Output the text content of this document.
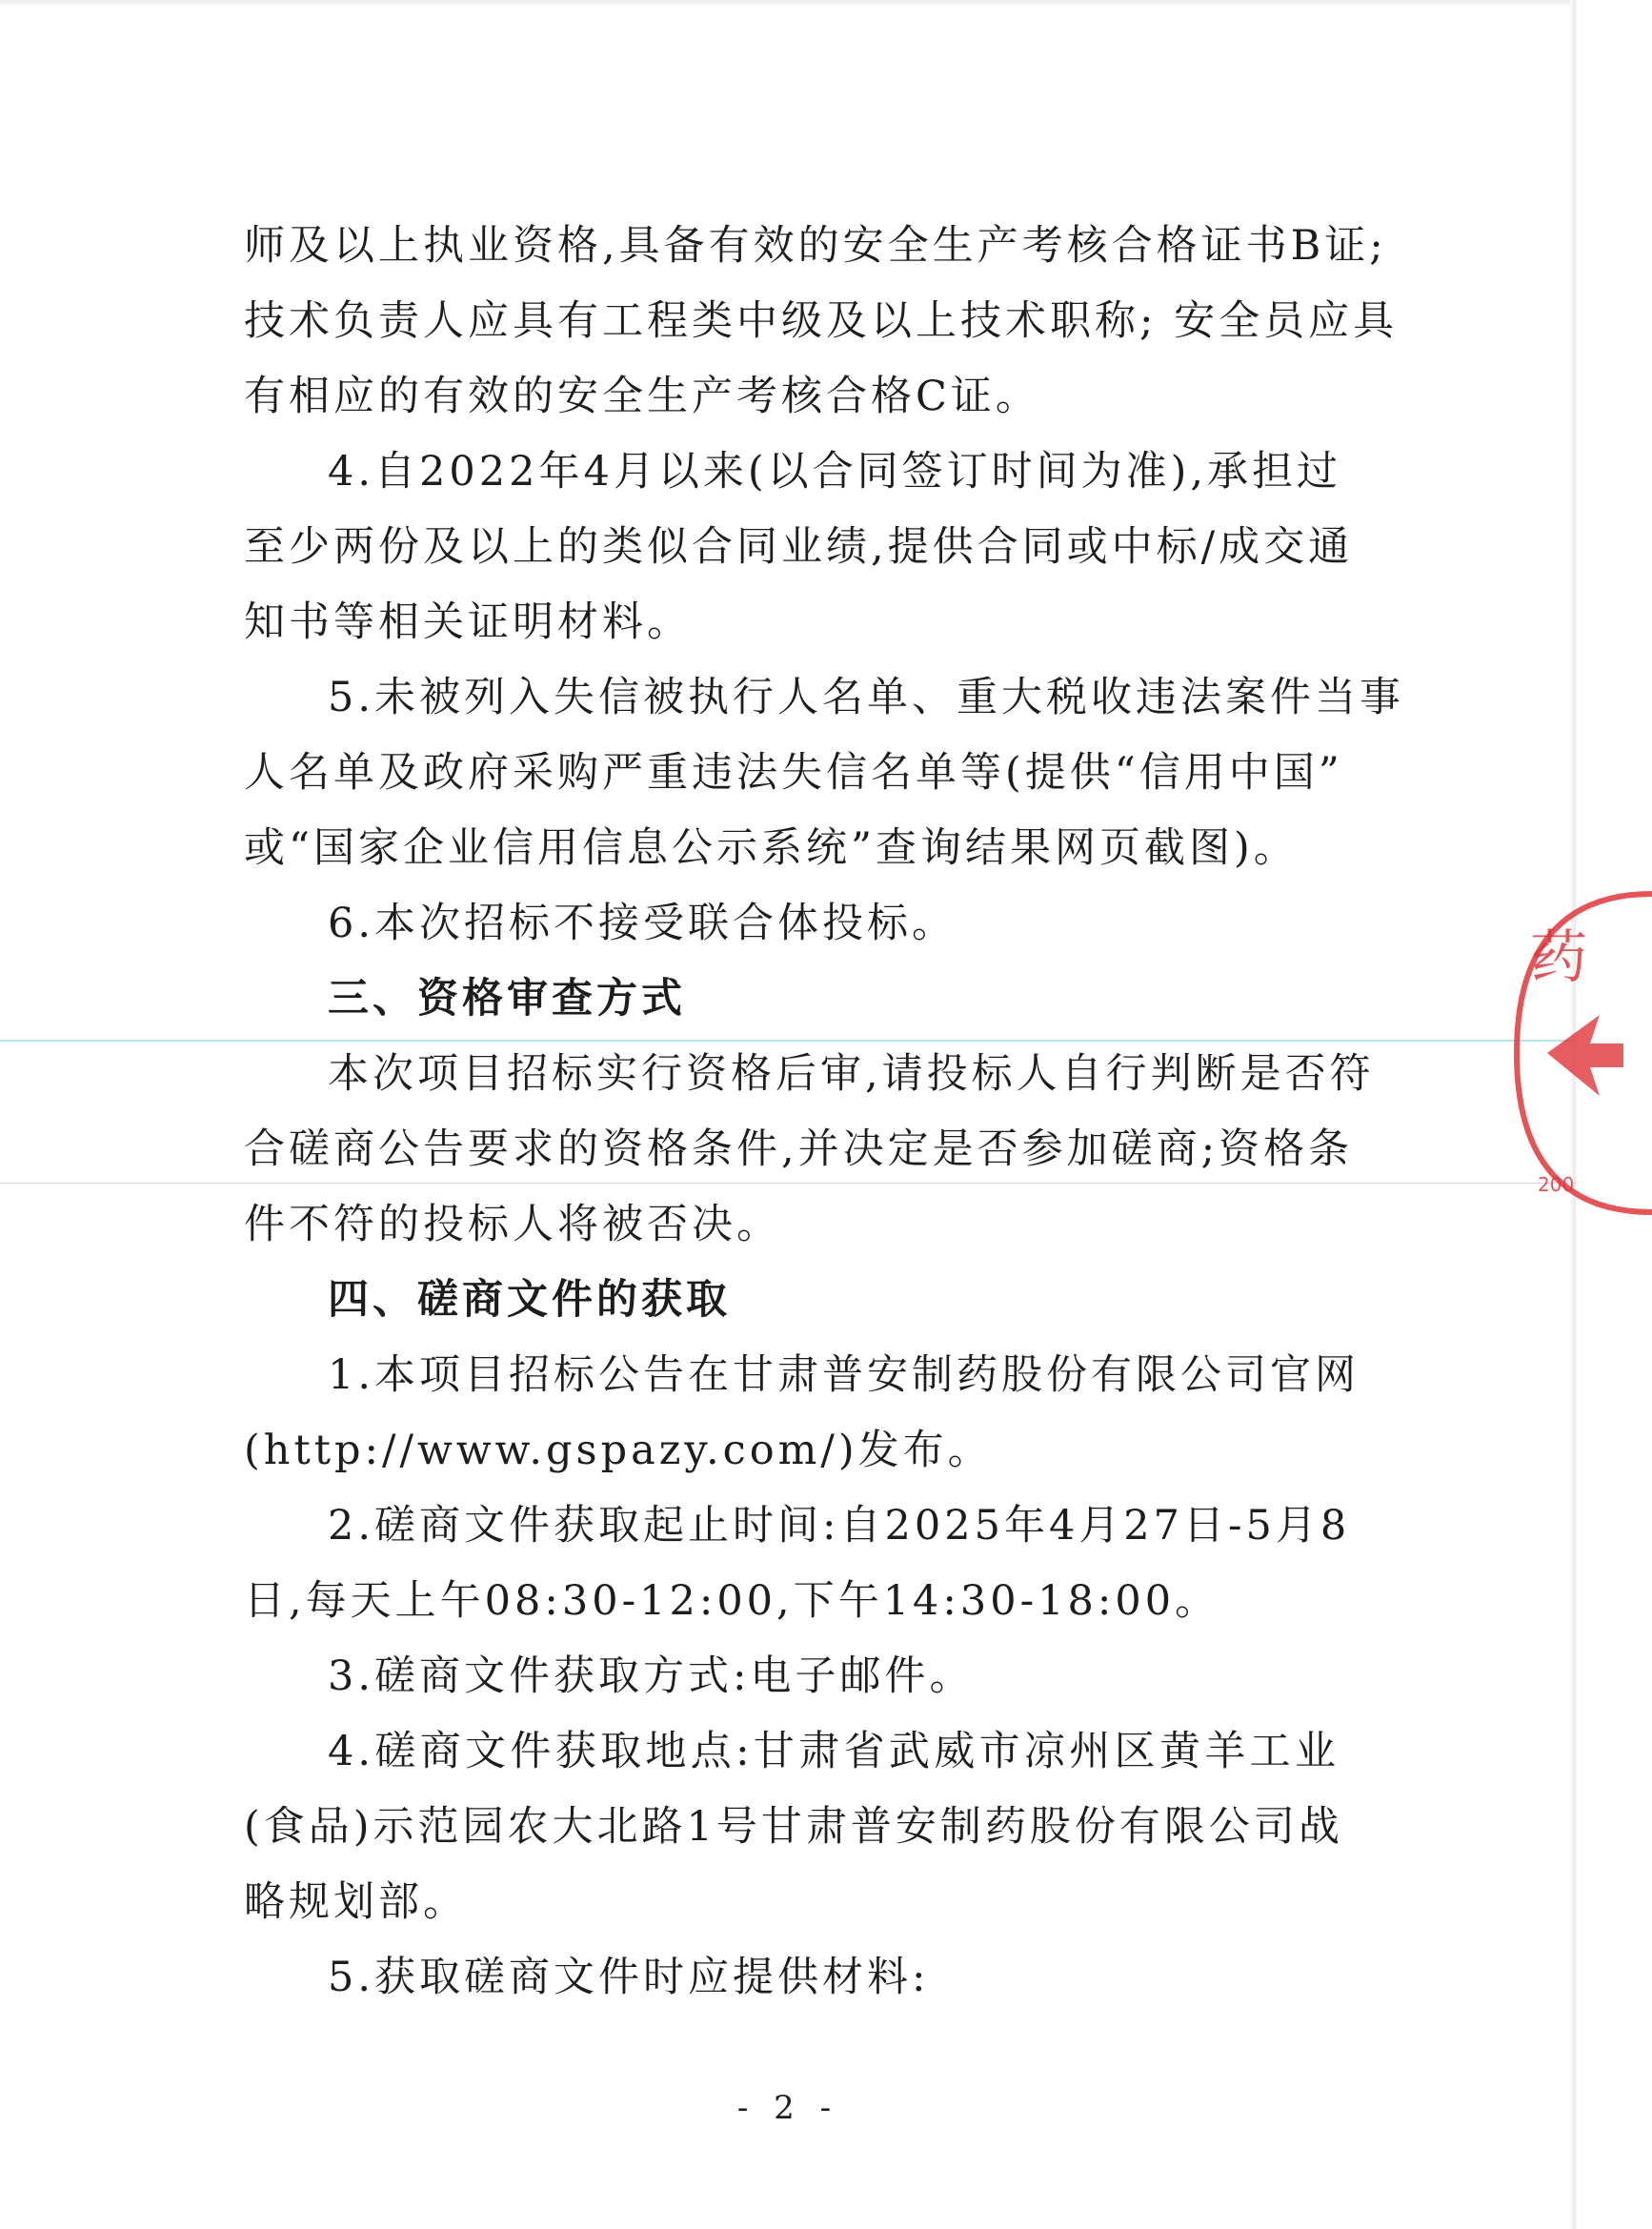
师及以上执业资格,具备有效的安全生产考核合格证书B证;
技术负责人应具有工程类中级及以上技术职称; 安全员应具
有相应的有效的安全生产考核合格C证。
4.自2022年4月以来(以合同签订时间为准),承担过
至少两份及以上的类似合同业绩,提供合同或中标/成交通
知书等相关证明材料。
5.未被列入失信被执行人名单、重大税收违法案件当事
人名单及政府采购严重违法失信名单等(提供“信用中国”
或“国家企业信用信息公示系统”查询结果网页截图)。
6.本次招标不接受联合体投标。
三、资格审查方式
本次项目招标实行资格后审,请投标人自行判断是否符
合磋商公告要求的资格条件,并决定是否参加磋商;资格条
件不符的投标人将被否决。
四、磋商文件的获取
1.本项目招标公告在甘肃普安制药股份有限公司官网
(http://www.gspazy.com/)发布。
2.磋商文件获取起止时间:自2025年4月27日-5月8
日,每天上午08:30-12:00,下午14:30-18:00。
3.磋商文件获取方式:电子邮件。
4.磋商文件获取地点:甘肃省武威市凉州区黄羊工业
(食品)示范园农大北路1号甘肃普安制药股份有限公司战
略规划部。
5.获取磋商文件时应提供材料:
- 2 -
药
200
